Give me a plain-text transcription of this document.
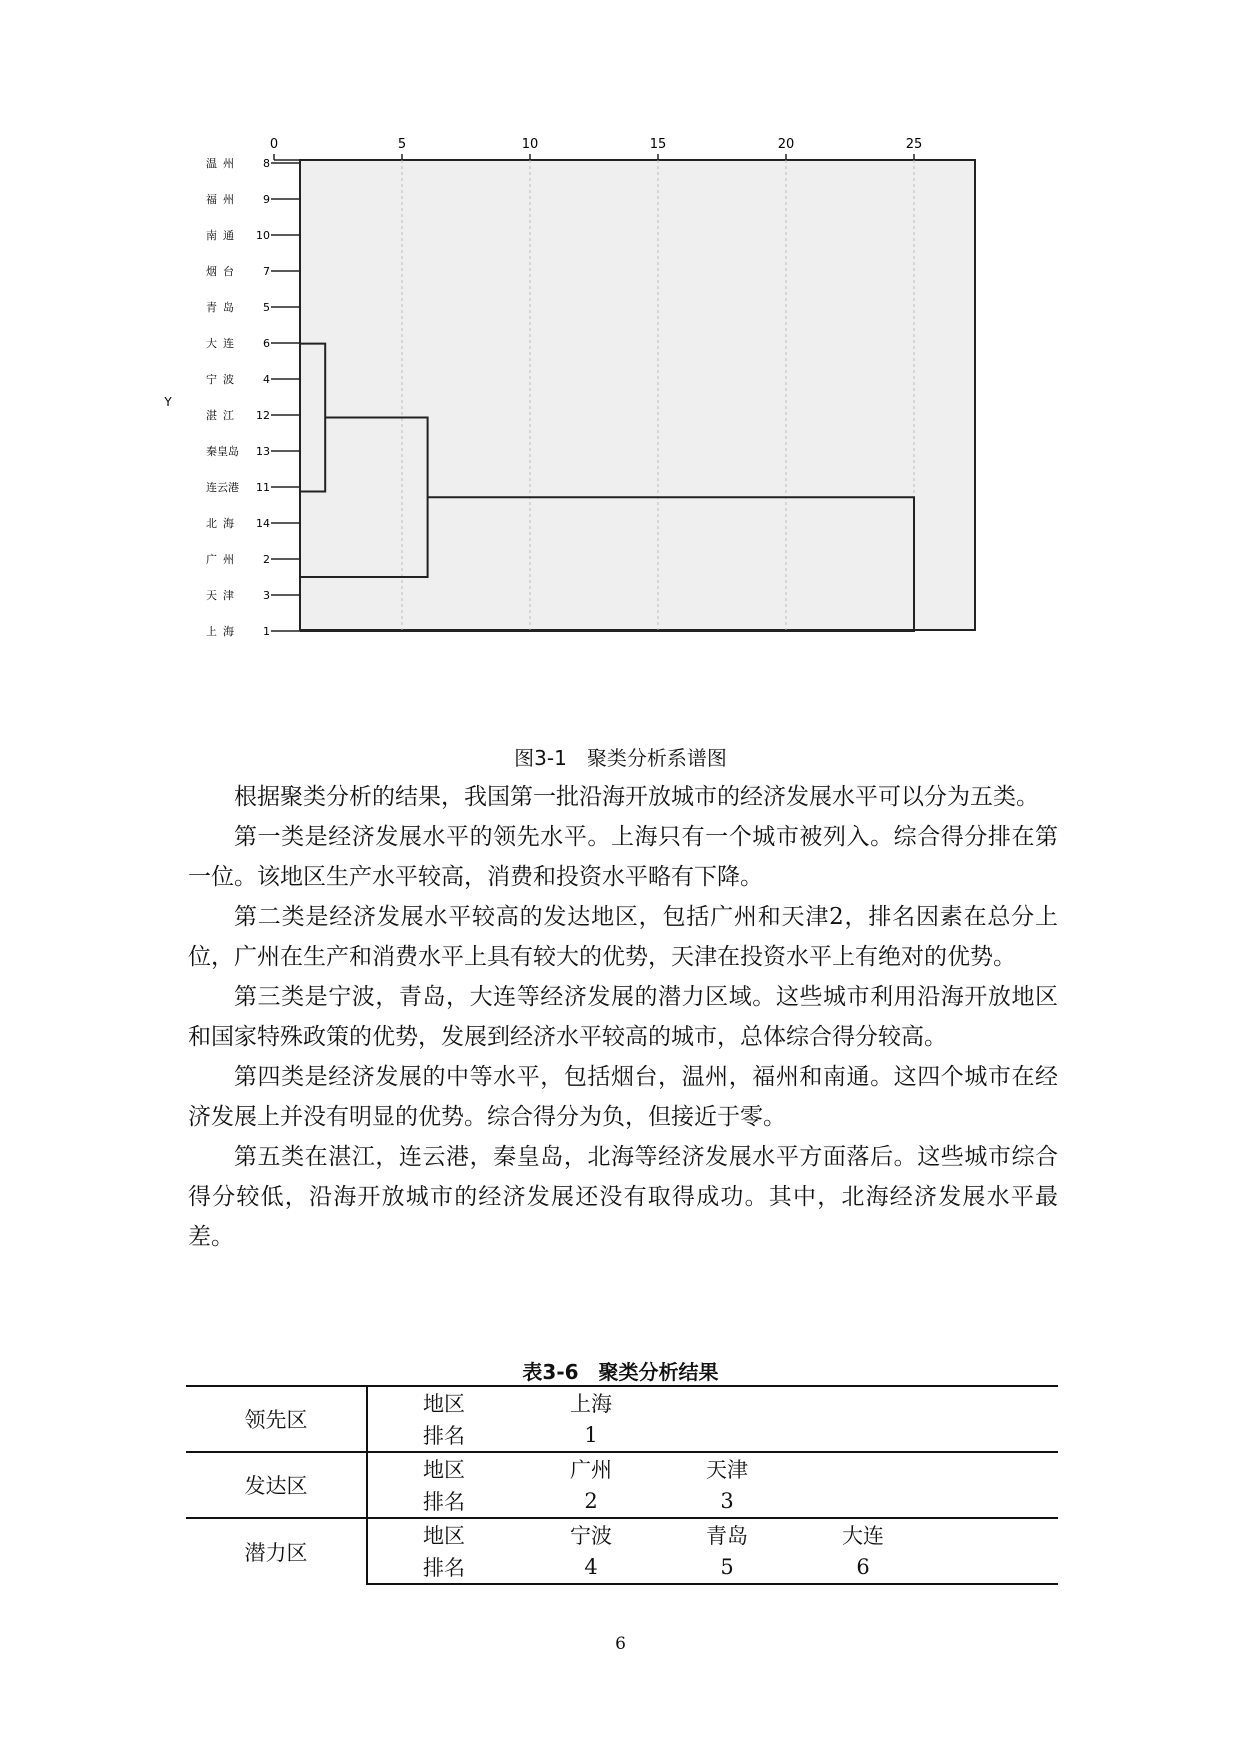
0	5	10	15	20	25
温州 8
福州 9
南通 10
烟台 7
青岛 5
大连 6
宁波 4
湛江 12
秦皇岛 13
连云港 11
北海 14
广州 2
天津 3
上海 1
Y
图3-1　聚类分析系谱图

根据聚类分析的结果，我国第一批沿海开放城市的经济发展水平可以分为五类。

第一类是经济发展水平的领先水平。上海只有一个城市被列入。综合得分排在第一位。该地区生产水平较高，消费和投资水平略有下降。

第二类是经济发展水平较高的发达地区，包括广州和天津2，排名因素在总分上位，广州在生产和消费水平上具有较大的优势，天津在投资水平上有绝对的优势。

第三类是宁波，青岛，大连等经济发展的潜力区域。这些城市利用沿海开放地区和国家特殊政策的优势，发展到经济水平较高的城市，总体综合得分较高。

第四类是经济发展的中等水平，包括烟台，温州，福州和南通。这四个城市在经济发展上并没有明显的优势。综合得分为负，但接近于零。

第五类在湛江，连云港，秦皇岛，北海等经济发展水平方面落后。这些城市综合得分较低，沿海开放城市的经济发展还没有取得成功。其中，北海经济发展水平最差。

表3-6　聚类分析结果
领先区	地区	上海			
	排名	1			
发达区	地区	广州	天津		
	排名	2	3		
潜力区	地区	宁波	青岛	大连	
	排名	4	5	6	
6
